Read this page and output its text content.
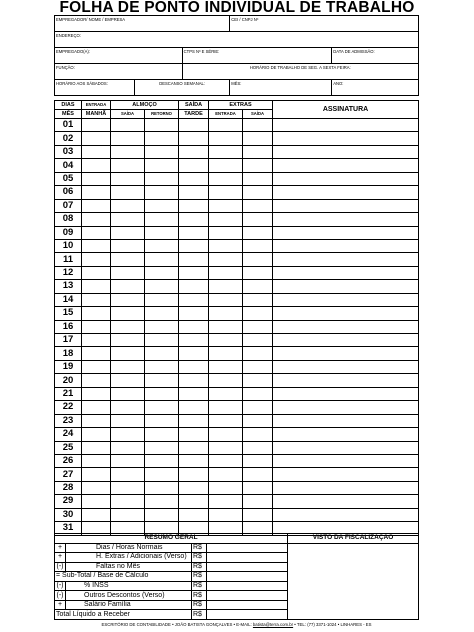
FOLHA DE PONTO INDIVIDUAL DE TRABALHO
EMPREGADOR/ NOME / EMPRESA			CEI / CNPJ Nº	
ENDEREÇO:				
EMPREGADO(A):		CTPS Nº E SÉRIE:		DATA DE ADMISSÃO:
FUNÇÃO:		HORÁRIO DE TRABALHO DE SEG. A SEXTA FEIRA:		
HORÁRIO AOS SÁBADOS:	DESCANSO SEMANAL:		MÊS:	ANO:
DIAS	ENTRADA	ALMOÇO		SAÍDA	EXTRAS		ASSINATURA
MÊS	MANHÃ	SAÍDA	RETORNO	TARDE	ENTRADA	SAÍDA	
01							
02							
03							
04							
05							
06							
07							
08							
09							
10							
11							
12							
13							
14							
15							
16							
17							
18							
19							
20							
21							
22							
23							
24							
25							
26							
27							
28							
29							
30							
31							
RESUMO GERAL				VISTO DA FISCALIZAÇÃO
+	Dias / Horas Normais	R$		
+	H. Extras / Adicionais (Verso)	R$		
(-)	Faltas no Mês	R$		
= Sub-Total / Base de Cálculo		R$		
(-)	% INSS	R$		
(-)	Outros Descontos (Verso)	R$		
+	Salário Família	R$		
Total Líquido a Receber		R$		
ESCRITÓRIO DE CONTABILIDADE • JOÃO BATISTA GONÇALVES • E-MAIL: batista@terra.com.br • TEL: (77) 3371-1024 • LINHARES - ES
